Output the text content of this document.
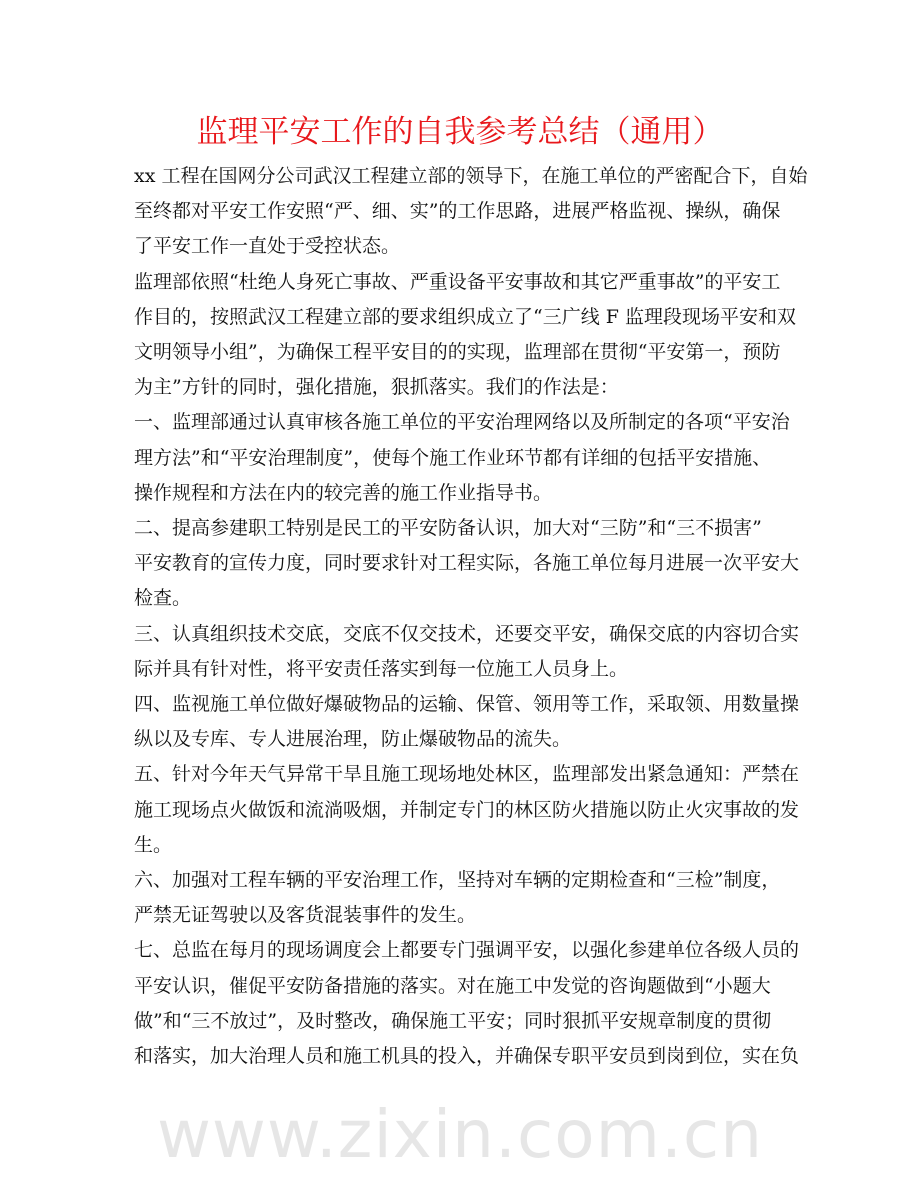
监理平安工作的自我参考总结（通用）
xx 工程在国网分公司武汉工程建立部的领导下，在施工单位的严密配合下，自始
至终都对平安工作安照“严、细、实”的工作思路，进展严格监视、操纵，确保
了平安工作一直处于受控状态。
监理部依照“杜绝人身死亡事故、严重设备平安事故和其它严重事故”的平安工
作目的，按照武汉工程建立部的要求组织成立了“三广线 F 监理段现场平安和双
文明领导小组”，为确保工程平安目的的实现，监理部在贯彻“平安第一，预防
为主”方针的同时，强化措施，狠抓落实。我们的作法是：
一、监理部通过认真审核各施工单位的平安治理网络以及所制定的各项“平安治
理方法”和“平安治理制度”，使每个施工作业环节都有详细的包括平安措施、
操作规程和方法在内的较完善的施工作业指导书。
二、提高参建职工特别是民工的平安防备认识，加大对“三防”和“三不损害”
平安教育的宣传力度，同时要求针对工程实际，各施工单位每月进展一次平安大
检查。
三、认真组织技术交底，交底不仅交技术，还要交平安，确保交底的内容切合实
际并具有针对性，将平安责任落实到每一位施工人员身上。
四、监视施工单位做好爆破物品的运输、保管、领用等工作，采取领、用数量操
纵以及专库、专人进展治理，防止爆破物品的流失。
五、针对今年天气异常干旱且施工现场地处林区，监理部发出紧急通知：严禁在
施工现场点火做饭和流淌吸烟，并制定专门的林区防火措施以防止火灾事故的发
生。
六、加强对工程车辆的平安治理工作，坚持对车辆的定期检查和“三检”制度，
严禁无证驾驶以及客货混装事件的发生。
七、总监在每月的现场调度会上都要专门强调平安，以强化参建单位各级人员的
平安认识，催促平安防备措施的落实。对在施工中发觉的咨询题做到“小题大
做”和“三不放过”，及时整改，确保施工平安；同时狠抓平安规章制度的贯彻
和落实，加大治理人员和施工机具的投入，并确保专职平安员到岗到位，实在负
www.zixin.com.cn
